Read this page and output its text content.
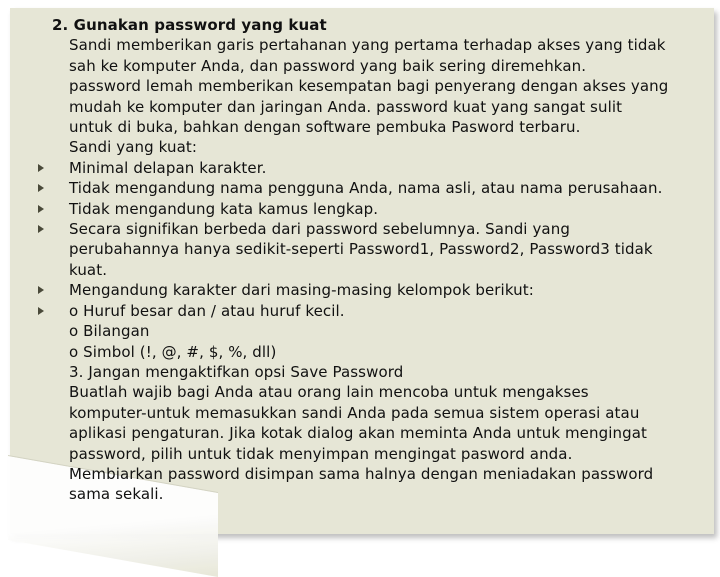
2. Gunakan password yang kuat
Sandi memberikan garis pertahanan yang pertama terhadap akses yang tidak
sah ke komputer Anda, dan password yang baik sering diremehkan.
password lemah memberikan kesempatan bagi penyerang dengan akses yang
mudah ke komputer dan jaringan Anda. password kuat yang sangat sulit
untuk di buka, bahkan dengan software pembuka Pasword terbaru.
Sandi yang kuat:
Minimal delapan karakter.
Tidak mengandung nama pengguna Anda, nama asli, atau nama perusahaan.
Tidak mengandung kata kamus lengkap.
Secara signifikan berbeda dari password sebelumnya. Sandi yang
perubahannya hanya sedikit-seperti Password1, Password2, Password3 tidak
kuat.
Mengandung karakter dari masing-masing kelompok berikut:
o Huruf besar dan / atau huruf kecil.
o Bilangan
o Simbol (!, @, #, $, %, dll)
3. Jangan mengaktifkan opsi Save Password
Buatlah wajib bagi Anda atau orang lain mencoba untuk mengakses
komputer-untuk memasukkan sandi Anda pada semua sistem operasi atau
aplikasi pengaturan. Jika kotak dialog akan meminta Anda untuk mengingat
password, pilih untuk tidak menyimpan mengingat pasword anda.
Membiarkan password disimpan sama halnya dengan meniadakan password
sama sekali.
